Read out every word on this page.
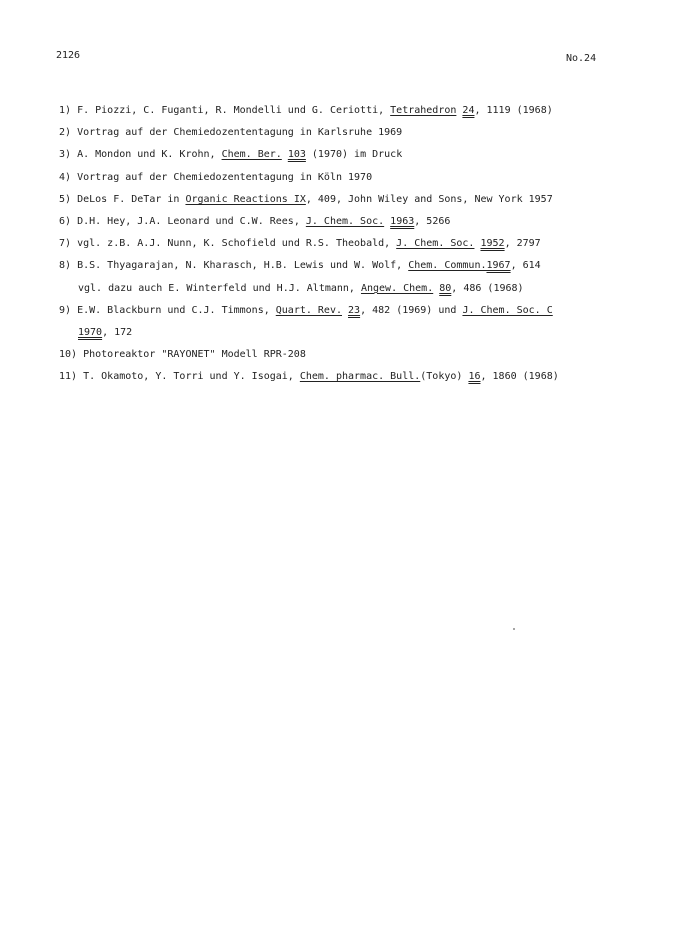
2126	No.24
1) F. Piozzi, C. Fuganti, R. Mondelli und G. Ceriotti, Tetrahedron 24, 1119 (1968)
2) Vortrag auf der Chemiedozententagung in Karlsruhe 1969
3) A. Mondon und K. Krohn, Chem. Ber. 103 (1970) im Druck
4) Vortrag auf der Chemiedozententagung in Köln 1970
5) DeLos F. DeTar in Organic Reactions IX, 409, John Wiley and Sons, New York 1957
6) D.H. Hey, J.A. Leonard und C.W. Rees, J. Chem. Soc. 1963, 5266
7) vgl. z.B. A.J. Nunn, K. Schofield und R.S. Theobald, J. Chem. Soc. 1952, 2797
8) B.S. Thyagarajan, N. Kharasch, H.B. Lewis und W. Wolf, Chem. Commun.1967, 614
vgl. dazu auch E. Winterfeld und H.J. Altmann, Angew. Chem. 80, 486 (1968)
9) E.W. Blackburn und C.J. Timmons, Quart. Rev. 23, 482 (1969) und J. Chem. Soc. C
1970, 172
10) Photoreaktor "RAYONET" Modell RPR-208
11) T. Okamoto, Y. Torri und Y. Isogai, Chem. pharmac. Bull.(Tokyo) 16, 1860 (1968)
